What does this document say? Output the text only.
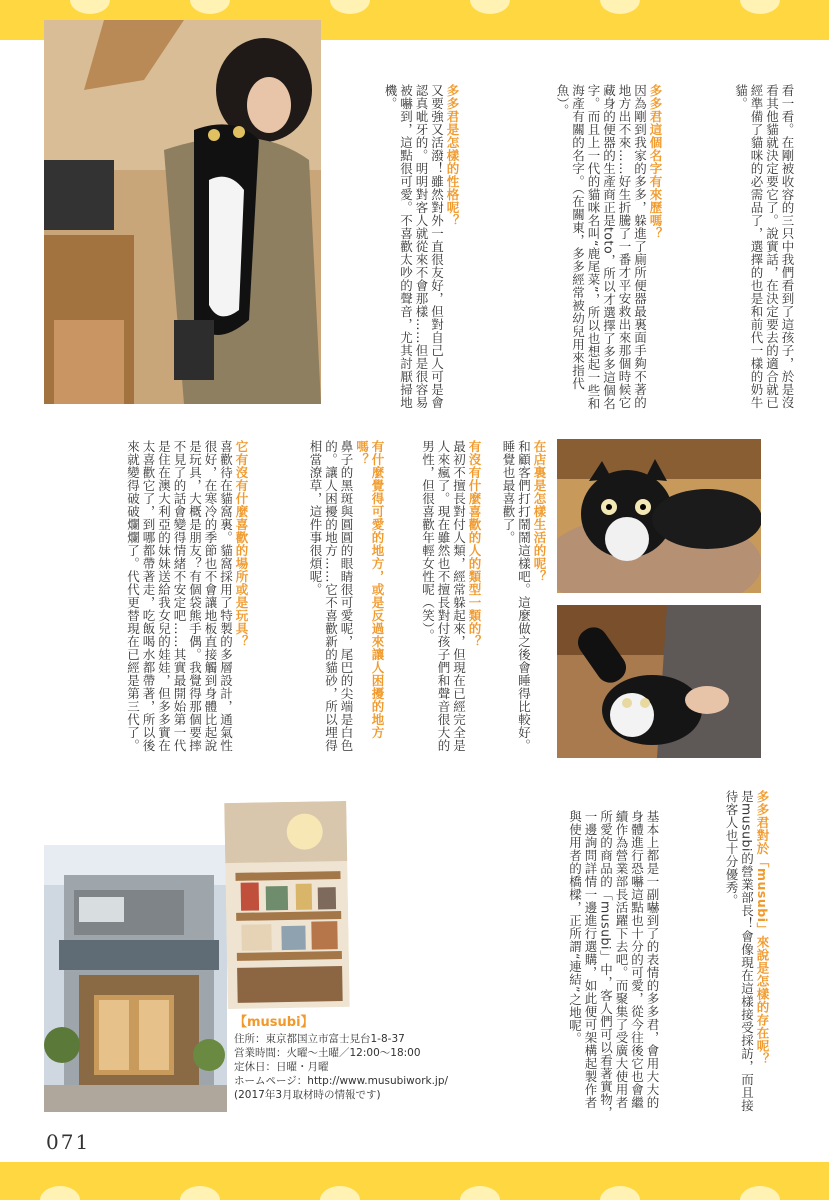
看一看。在剛被收容的三只中我們看到了這孩子，於是沒看其他貓就決定要它了。說實話，在決定要去的適合就已經準備了貓咪的必需品了，選擇的也是和前代一樣的奶牛貓。
多多君這個名字有來歷嗎？
因為剛到我家的多多，躲進了廁所便器最裏面手夠不著的地方出不來……好生折騰了一番才平安救出來那個時候它藏身的便器的生產商正是toto，所以才選擇了多多這個名字。而且上一代的貓咪名叫“鹿尾菜”，所以也想起一些和海產有關的名字。（在關東，多多經常被幼兒用來指代魚）。
多多君是怎樣的性格呢？
又要強又活潑！雖然對外一直很友好，但對自己人可是會認真呲牙的。明明對客人就從來不會那樣……但是很容易被嚇到，這點很可愛。不喜歡太吵的聲音，尤其討厭掃地機。
在店裏是怎樣生活的呢？
和顧客們打打鬧鬧這樣吧。這麼做之後會睡得比較好。睡覺也最喜歡了。
有沒有什麼喜歡的人的類型一類的？
最初不擅長對付人類，經常躲起來，但現在已經完全是人來瘋了。現在雖然也不擅長對付孩子們和聲音很大的男性，但很喜歡年輕女性呢（笑）。
有什麼覺得可愛的地方，或是反過來讓人困擾的地方嗎？
鼻子的黑斑與圓圓的眼睛很可愛呢，尾巴的尖端是白色的。讓人困擾的地方……它不喜歡新的貓砂，所以埋得相當潦草，這件事很煩呢。
它有沒有什麼喜歡的場所或是玩具？
喜歡待在貓窩裏。貓窩採用了特製的多層設計，通氣性很好，在寒冷的季節也不會讓地板直接觸到身體比起說是玩具，大概是朋友？有個袋熊手偶。我覺得那個要摔不見了的話會變得情緒不安定吧……其實最開始第一代是住在澳大利亞的妹妹送給我女兒的娃娃，但多多實在太喜歡它了，到哪都帶著走，吃飯喝水都帶著，所以後來就變得破破爛爛了。代代更替現在已經是第三代了。
多多君對於「musubi」來說是怎樣的存在呢？
是musubi的營業部長！會像現在這樣接受採訪，而且接待客人也十分優秀。
基本上都是一副嚇到了的表情的多多君，會用大大的身體進行恐嚇這點也十分的可愛，從今往後它也會繼續作為營業部長活躍下去吧。而聚集了受廣大使用者所愛的商品的「musubi」中，客人們可以看著實物，一邊詢問詳情一邊進行選購，如此便可架構起製作者與使用者的橋樑，正所謂“連結”之地呢。
【musubi】
住所：東京都国立市富士見台1-8-37
営業時間：火曜～土曜／12:00～18:00
定休日：日曜・月曜
ホームページ：http://www.musubiwork.jp/
(2017年3月取材時の情報です)
071
